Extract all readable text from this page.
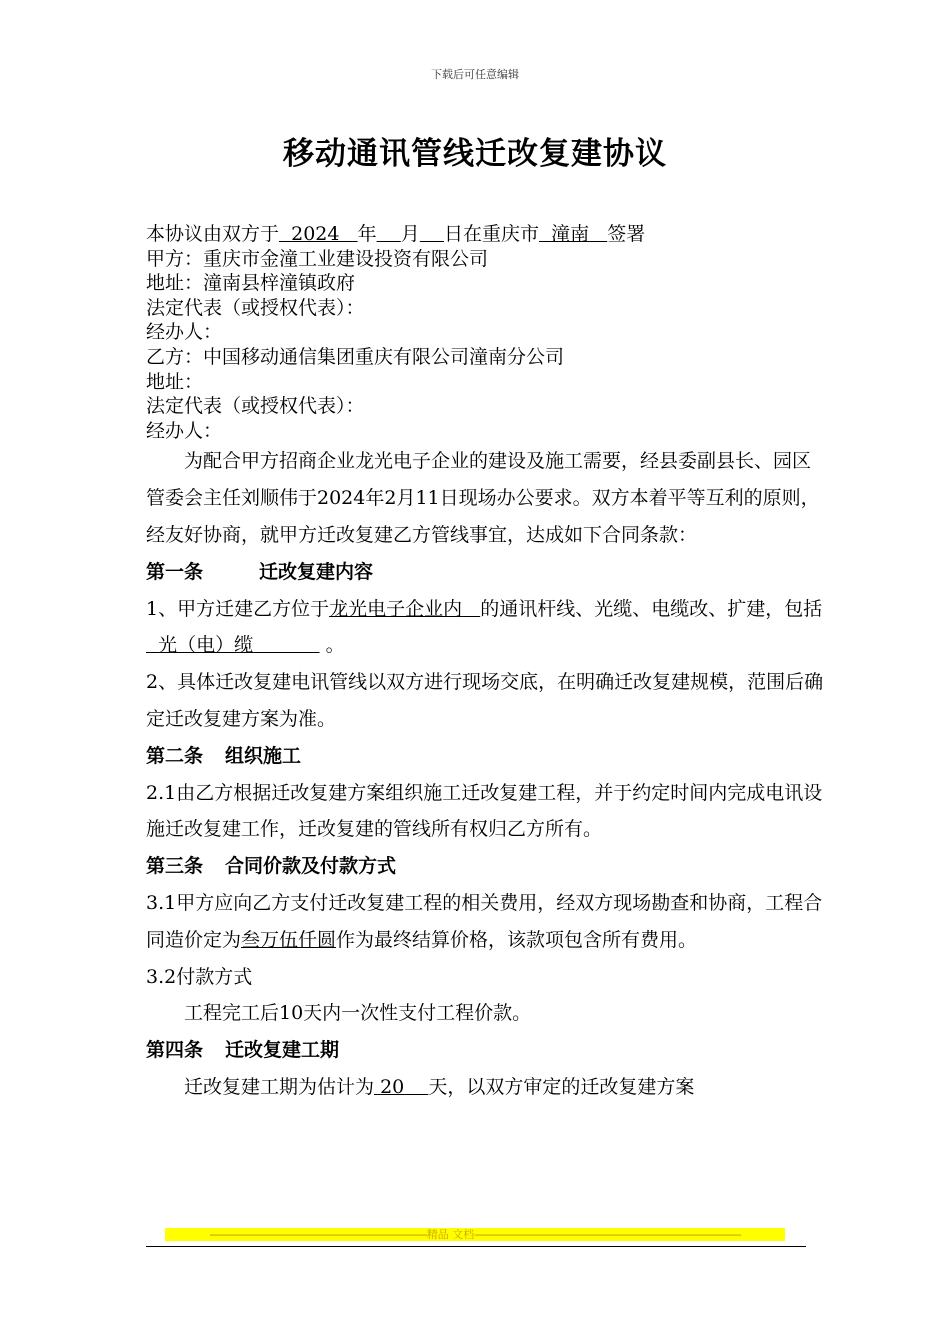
下载后可任意编辑
移动通讯管线迁改复建协议

本协议由双方于 2024 年 月 日在重庆市 潼南 签署

甲方：重庆市金潼工业建设投资有限公司

地址：潼南县梓潼镇政府

法定代表（或授权代表）：

经办人：

乙方：中国移动通信集团重庆有限公司潼南分公司

地址：

法定代表（或授权代表）：

经办人：

为配合甲方招商企业龙光电子企业的建设及施工需要，经县委副县长、园区管委会主任刘顺伟于2024年2月11日现场办公要求。双方本着平等互利的原则，经友好协商，就甲方迁改复建乙方管线事宜，达成如下合同条款：

第一条	迁改复建内容

1、甲方迁建乙方位于龙光电子企业内 的通讯杆线、光缆、电缆改、扩建，包括  光（电）缆	。

2、具体迁改复建电讯管线以双方进行现场交底，在明确迁改复建规模，范围后确定迁改复建方案为准。

第二条 组织施工

2.1由乙方根据迁改复建方案组织施工迁改复建工程，并于约定时间内完成电讯设施迁改复建工作，迁改复建的管线所有权归乙方所有。

第三条 合同价款及付款方式

3.1甲方应向乙方支付迁改复建工程的相关费用，经双方现场勘查和协商，工程合同造价定为叁万伍仟圆作为最终结算价格，该款项包含所有费用。

3.2付款方式

工程完工后10天内一次性支付工程价款。

第四条 迁改复建工期

迁改复建工期为估计为 20 天，以双方审定的迁改复建方案

--------------------------------------------------------------------------------精品 文档--------------------------------------------------------------------------------------------------
